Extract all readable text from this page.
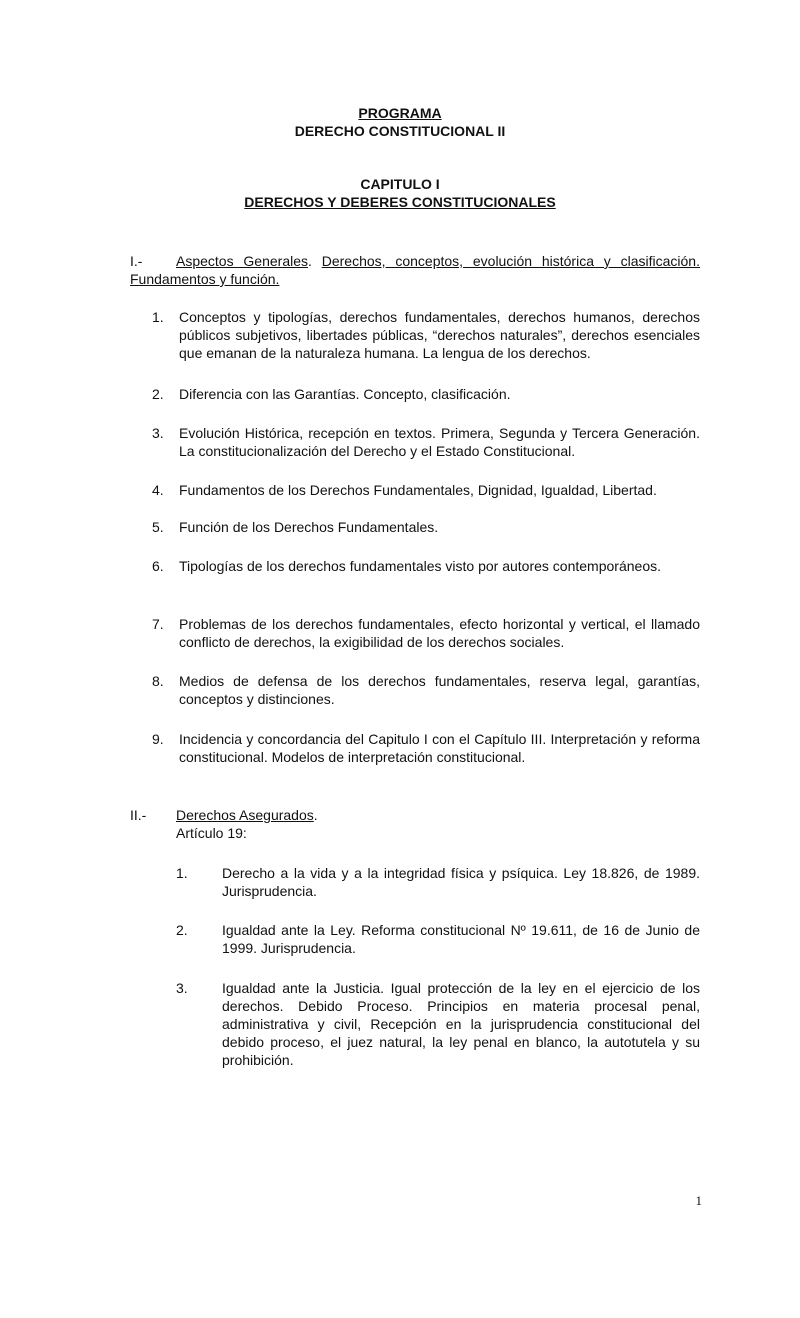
PROGRAMA
DERECHO CONSTITUCIONAL II
CAPITULO I
DERECHOS Y DEBERES CONSTITUCIONALES
I.-	Aspectos Generales. Derechos, conceptos, evolución histórica y clasificación. Fundamentos y función.
1.	Conceptos y tipologías, derechos fundamentales, derechos humanos, derechos públicos subjetivos, libertades públicas, “derechos naturales”, derechos esenciales que emanan de la naturaleza humana. La lengua de los derechos.
2.	Diferencia con las Garantías. Concepto, clasificación.
3.	Evolución Histórica, recepción en textos. Primera, Segunda y Tercera Generación. La constitucionalización del Derecho y el Estado Constitucional.
4.	Fundamentos de los Derechos Fundamentales, Dignidad, Igualdad, Libertad.
5.	Función de los Derechos Fundamentales.
6.	Tipologías de los derechos fundamentales visto por autores contemporáneos.
7.	Problemas de los derechos fundamentales, efecto horizontal y vertical, el llamado conflicto de derechos, la exigibilidad de los derechos sociales.
8.	Medios de defensa de los derechos fundamentales, reserva legal, garantías, conceptos y distinciones.
9.	Incidencia y concordancia del Capitulo I con el Capítulo III. Interpretación y reforma constitucional. Modelos de interpretación constitucional.
II.- Derechos Asegurados.
Artículo 19:
1. Derecho a la vida y a la integridad física y psíquica. Ley 18.826, de 1989. Jurisprudencia.
2. Igualdad ante la Ley. Reforma constitucional Nº 19.611, de 16 de Junio de 1999. Jurisprudencia.
3. Igualdad ante la Justicia. Igual protección de la ley en el ejercicio de los derechos. Debido Proceso. Principios en materia procesal penal, administrativa y civil, Recepción en la jurisprudencia constitucional del debido proceso, el juez natural, la ley penal en blanco, la autotutela y su prohibición.
1
